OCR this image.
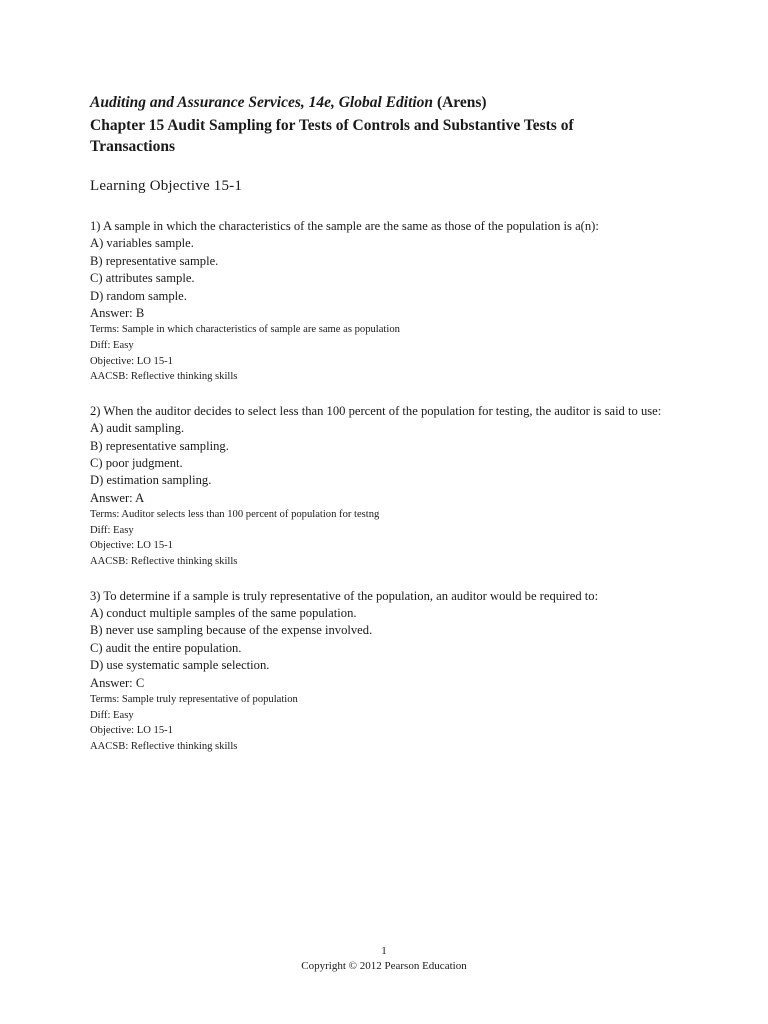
Auditing and Assurance Services, 14e, Global Edition (Arens)

Chapter 15 Audit Sampling for Tests of Controls and Substantive Tests of Transactions

Learning Objective 15-1

1) A sample in which the characteristics of the sample are the same as those of the population is a(n):

A) variables sample.

B) representative sample.

C) attributes sample.

D) random sample.

Answer: B

Terms: Sample in which characteristics of sample are same as population

Diff: Easy

Objective: LO 15-1

AACSB: Reflective thinking skills

2) When the auditor decides to select less than 100 percent of the population for testing, the auditor is said to use:

A) audit sampling.

B) representative sampling.

C) poor judgment.

D) estimation sampling.

Answer: A

Terms: Auditor selects less than 100 percent of population for testng

Diff: Easy

Objective: LO 15-1

AACSB: Reflective thinking skills

3) To determine if a sample is truly representative of the population, an auditor would be required to:

A) conduct multiple samples of the same population.

B) never use sampling because of the expense involved.

C) audit the entire population.

D) use systematic sample selection.

Answer: C

Terms: Sample truly representative of population

Diff: Easy

Objective: LO 15-1

AACSB: Reflective thinking skills

1
Copyright © 2012 Pearson Education
